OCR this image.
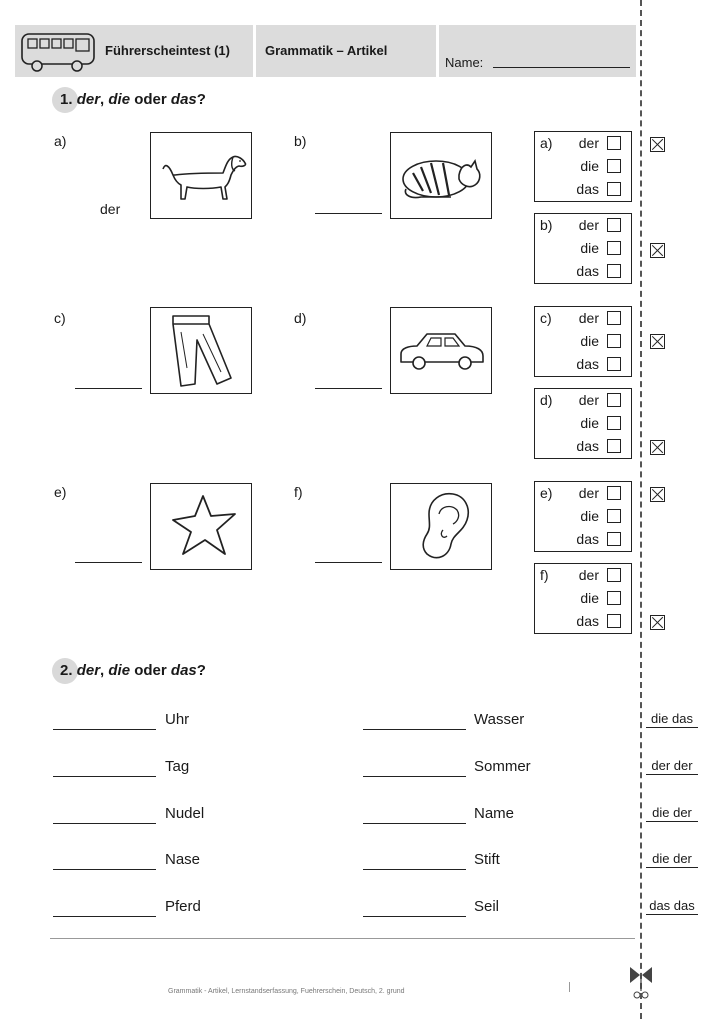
Führerscheintest (1)	Grammatik – Artikel
Name:
1. der, die oder das?
a)
der
b)
c)	d)
e)	f)
a) der
die
das
b) der
die
das
c) der
die
das
d) der
die
das
e) der
die
das
f) der
die
das
2. der, die oder das?
Uhr	Wasser	die das
Tag	Sommer	der der
Nudel	Name	die der
Nase	Stift	die der
Pferd	Seil	das das
Grammatik - Artikel, Lernstandserfassung, Fuehrerschein, Deutsch, 2. grund
